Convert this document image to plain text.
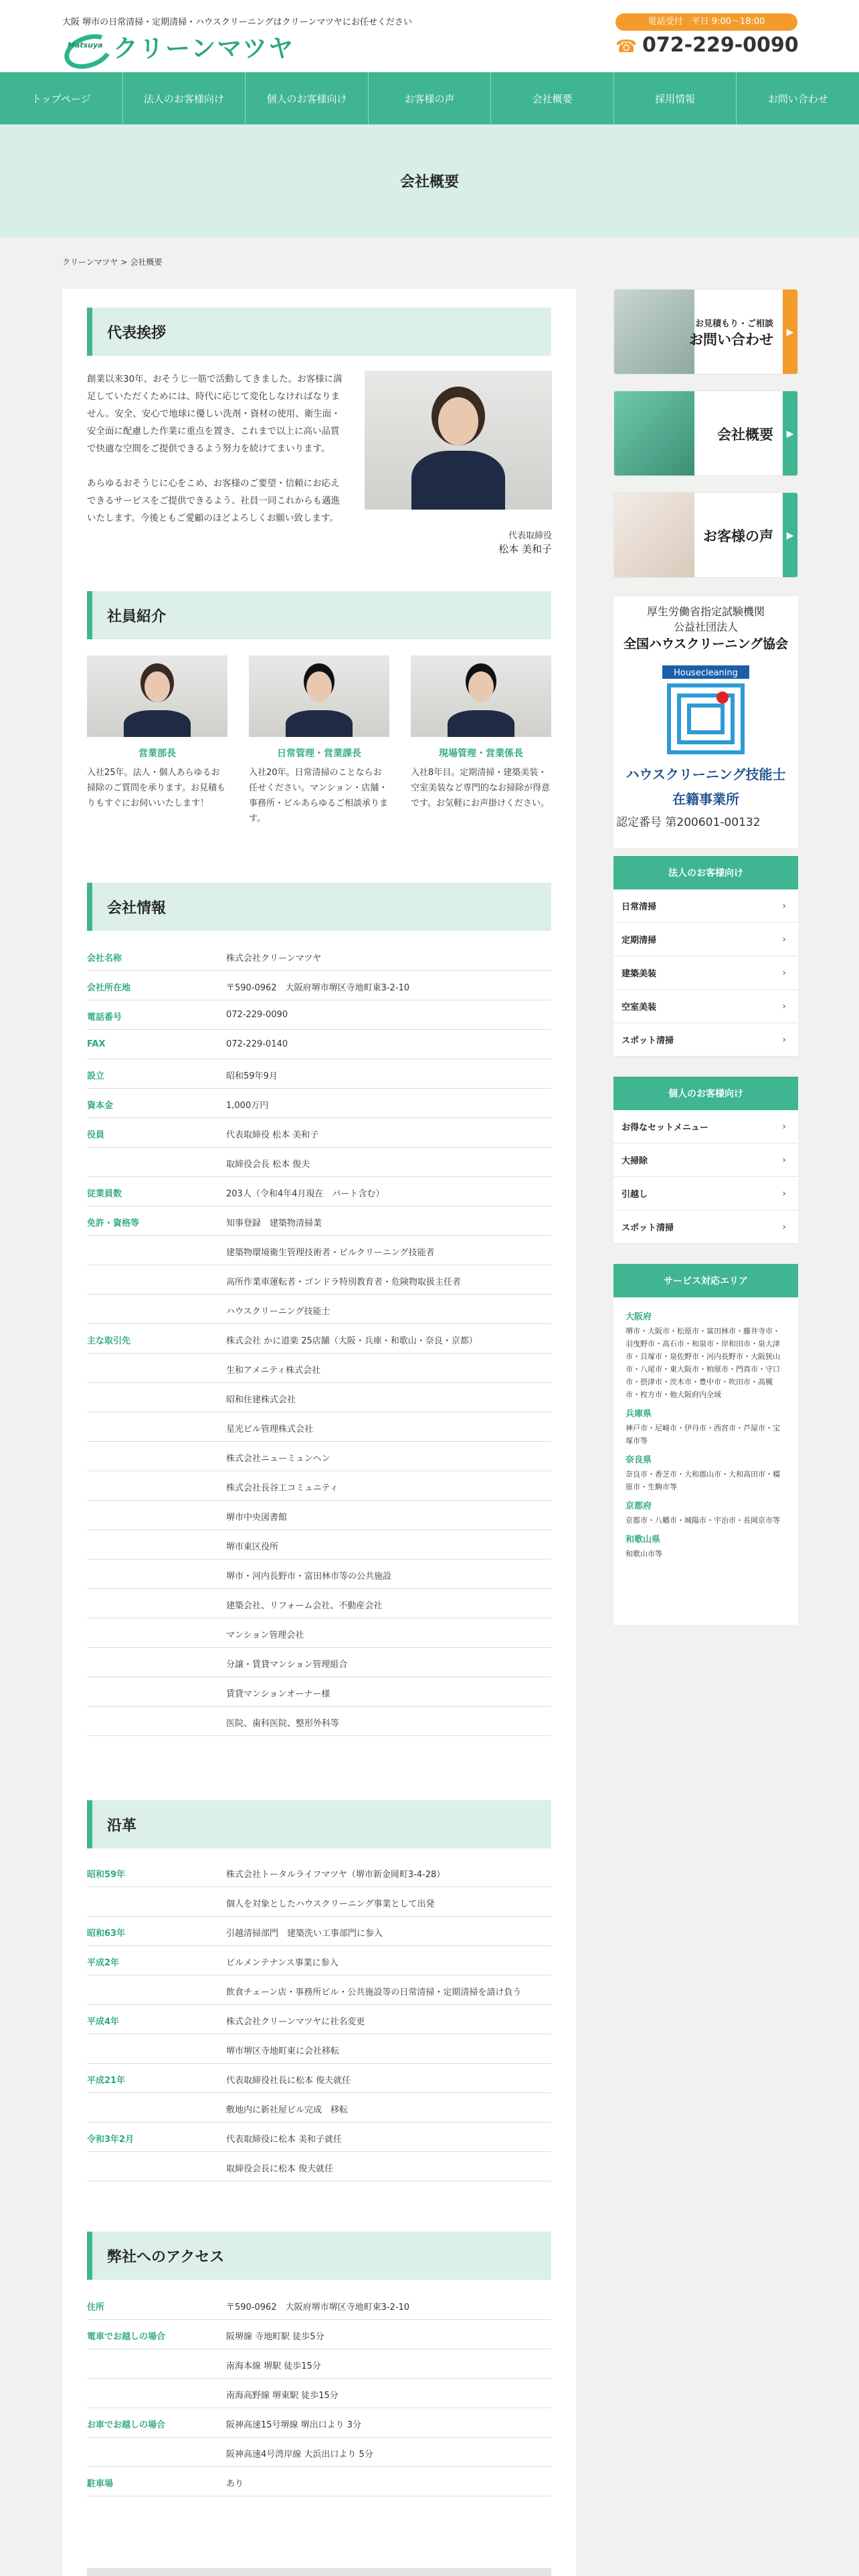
大阪 堺市の日常清掃・定期清掃・ハウスクリーニングはクリーンマツヤにお任せください
Matsuya クリーンマツヤ
電話受付　平日 9:00〜18:00
☎ 072-229-0090
トップページ	法人のお客様向け	個人のお客様向け	お客様の声	会社概要	採用情報	お問い合わせ
会社概要
クリーンマツヤ > 会社概要
代表挨拶

創業以来30年、おそうじ一筋で活動してきました。お客様に満足していただくためには、時代に応じて変化しなければなりません。安全、安心で地球に優しい洗剤・資材の使用、衛生面・安全面に配慮した作業に重点を置き、これまで以上に高い品質で快適な空間をご提供できるよう努力を続けてまいります。

あらゆるおそうじに心をこめ、お客様のご要望・信頼にお応えできるサービスをご提供できるよう、社員一同これからも邁進いたします。今後ともご愛顧のほどよろしくお願い致します。

代表取締役
松本 美和子
社員紹介
営業部長
入社25年。法人・個人あらゆるお掃除のご質問を承ります。お見積もりもすぐにお伺いいたします！
日常管理・営業課長
入社20年。日常清掃のことならお任せください。マンション・店舗・事務所・ビルあらゆるご相談承ります。
現場管理・営業係長
入社8年目。定期清掃・建築美装・空室美装など専門的なお掃除が得意です。お気軽にお声掛けください。
会社情報
会社名称	株式会社クリーンマツヤ
会社所在地	〒590-0962　大阪府堺市堺区寺地町東3-2-10
電話番号	072-229-0090
FAX	072-229-0140
設立	昭和59年9月
資本金	1,000万円
役員	代表取締役 松本 美和子
取締役会長 松本 俊夫
従業員数	203人（令和4年4月現在　パート含む）
免許・資格等	知事登録　建築物清掃業
建築物環境衛生管理技術者・ビルクリーニング技能者
高所作業車運転者・ゴンドラ特別教育者・危険物取扱主任者
ハウスクリーニング技能士
主な取引先	株式会社 かに道楽 25店舗（大阪・兵庫・和歌山・奈良・京都）
生和アメニティ株式会社
昭和住建株式会社
星光ビル管理株式会社
株式会社ニューミュンヘン
株式会社長谷工コミュニティ
堺市中央図書館
堺市東区役所
堺市・河内長野市・富田林市等の公共施設
建築会社、リフォーム会社、不動産会社
マンション管理会社
分譲・賃貸マンション管理組合
賃貸マンションオーナー様
医院、歯科医院、整形外科等
沿革
昭和59年	株式会社トータルライフマツヤ（堺市新金岡町3-4-28）
個人を対象としたハウスクリーニング事業として出発
昭和63年	引越清掃部門　建築洗い工事部門に参入
平成2年	ビルメンテナンス事業に参入
飲食チェーン店・事務所ビル・公共施設等の日常清掃・定期清掃を請け負う
平成4年	株式会社クリーンマツヤに社名変更
堺市堺区寺地町東に会社移転
平成21年	代表取締役社長に松本 俊夫就任
敷地内に新社屋ビル完成　移転
令和3年2月	代表取締役に松本 美和子就任
取締役会長に松本 俊夫就任
弊社へのアクセス
住所	〒590-0962　大阪府堺市堺区寺地町東3-2-10
電車でお越しの場合	阪堺線 寺地町駅 徒歩5分
南海本線 堺駅 徒歩15分
南海高野線 堺東駅 徒歩15分
お車でお越しの場合	阪神高速15号堺線 堺出口より 3分
阪神高速4号湾岸線 大浜出口より 5分
駐車場	あり
お見積もり・ご相談
お問い合わせ	▶
会社概要	▶
お客様の声	▶
厚生労働省指定試験機関
公益社団法人
全国ハウスクリーニング協会
Housecleaning
ハウスクリーニング技能士
在籍事業所
認定番号 第200601-00132
法人のお客様向け
日常清掃	›
定期清掃	›
建築美装	›
空室美装	›
スポット清掃	›
個人のお客様向け
お得なセットメニュー	›
大掃除	›
引越し	›
スポット清掃	›
サービス対応エリア
大阪府
堺市・大阪市・松原市・富田林市・藤井寺市・羽曳野市・高石市・和泉市・岸和田市・泉大津市・貝塚市・泉佐野市・河内長野市・大阪狭山市・八尾市・東大阪市・柏原市・門真市・守口市・摂津市・茨木市・豊中市・吹田市・高槻市・枚方市・他大阪府内全域
兵庫県
神戸市・尼崎市・伊丹市・西宮市・芦屋市・宝塚市等
奈良県
奈良市・香芝市・大和郡山市・大和高田市・橿原市・生駒市等
京都府
京都市・八幡市・城陽市・宇治市・長岡京市等
和歌山県
和歌山市等
